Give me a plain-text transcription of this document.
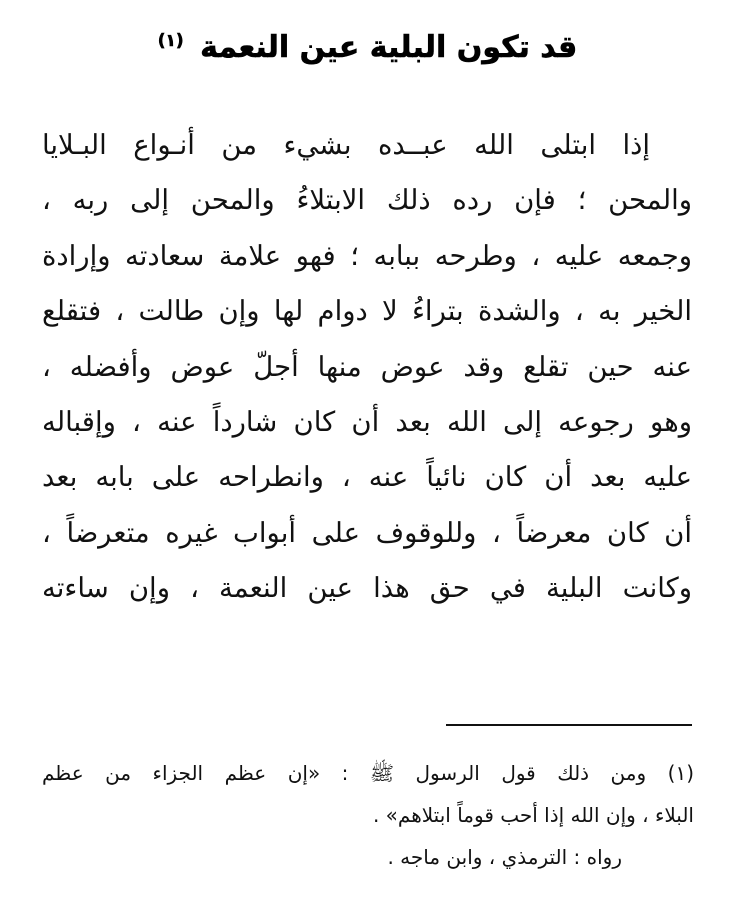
قد تكون البلية عين النعمة $^{(١)}$
إذا ابتلى الله عبــده بشيء من أنـواع البـلايا
والمحن ؛ فإن رده ذلك الابتلاءُ والمحن إلى ربه ،
وجمعه عليه ، وطرحه ببابه ؛ فهو علامة سعادته وإرادة
الخير به ، والشدة بتراءُ لا دوام لها وإن طالت ، فتقلع
عنه حين تقلع وقد عوض منها أجلّ عوض وأفضله ،
وهو رجوعه إلى الله بعد أن كان شارداً عنه ، وإقباله
عليه بعد أن كان نائياً عنه ، وانطراحه على بابه بعد
أن كان معرضاً ، وللوقوف على أبواب غيره متعرضاً ،
وكانت البلية في حق هذا عين النعمة ، وإن ساءته
(١) ومن ذلك قول الرسول ﷺ : «إن عظم الجزاء من عظم
البلاء ، وإن الله إذا أحب قوماً ابتلاهم» .
رواه : الترمذي ، وابن ماجه .
